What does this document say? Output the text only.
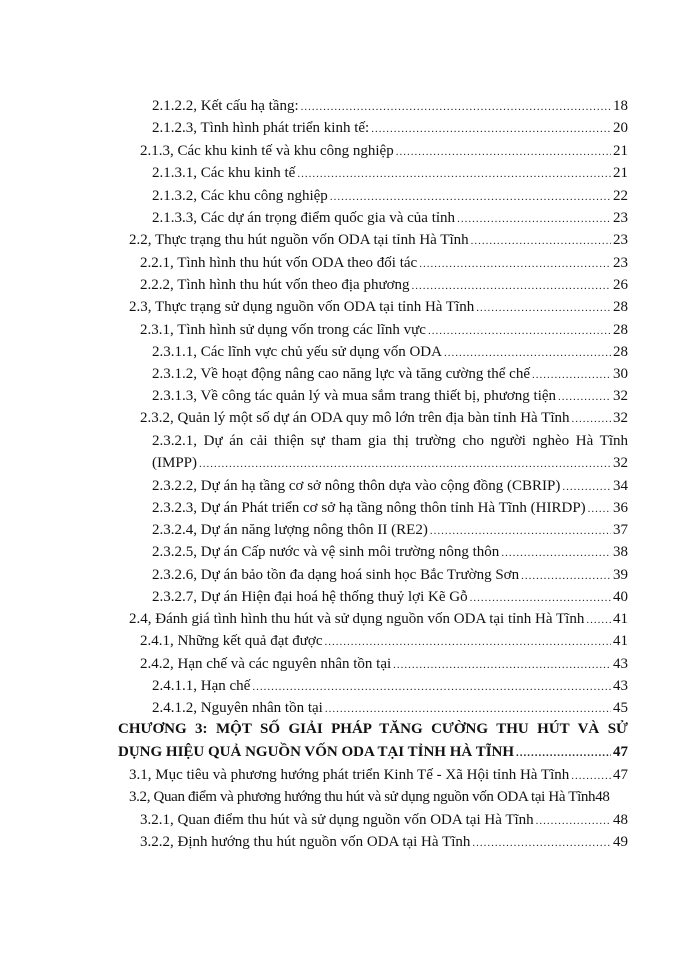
2.1.2.2, Kết cấu hạ tầng: .....	18
2.1.2.3, Tình hình phát triển kinh tế: .....	20
2.1.3, Các khu kinh tế và khu công nghiệp .....	21
2.1.3.1, Các khu kinh tế .....	21
2.1.3.2, Các khu công nghiệp .....	22
2.1.3.3, Các dự án trọng điểm quốc gia và của tỉnh .....	23
2.2, Thực trạng thu hút nguồn vốn ODA tại tỉnh Hà Tĩnh .....	23
2.2.1, Tình hình thu hút vốn ODA theo đối tác .....	23
2.2.2, Tình hình thu hút vốn theo địa phương .....	26
2.3, Thực trạng sử dụng nguồn vốn ODA tại tỉnh Hà Tĩnh .....	28
2.3.1, Tình hình sử dụng vốn trong các lĩnh vực .....	28
2.3.1.1, Các lĩnh vực chủ yếu sử dụng vốn ODA .....	28
2.3.1.2, Về hoạt động nâng cao năng lực và tăng cường thể chế .....	30
2.3.1.3, Về công tác quản lý và mua sắm trang thiết bị, phương tiện .....	32
2.3.2, Quản lý một số dự án ODA quy mô lớn trên địa bàn tỉnh Hà Tĩnh .....	32
2.3.2.1, Dự án cải thiện sự tham gia thị trường cho người nghèo Hà Tĩnh
(IMPP) .....	32
2.3.2.2, Dự án hạ tầng cơ sở nông thôn dựa vào cộng đồng (CBRIP) .....	34
2.3.2.3, Dự án Phát triển cơ sở hạ tầng nông thôn tỉnh Hà Tĩnh (HIRDP) ..... 36
2.3.2.4, Dự án năng lượng nông thôn II (RE2) .....	37
2.3.2.5, Dự án Cấp nước và vệ sinh môi trường nông thôn .....	38
2.3.2.6, Dự án bảo tồn đa dạng hoá sinh học Bắc Trường Sơn .....	39
2.3.2.7, Dự án Hiện đại hoá hệ thống thuỷ lợi Kẽ Gỗ .....	40
2.4, Đánh giá tình hình thu hút và sử dụng nguồn vốn ODA tại tỉnh Hà Tĩnh ..... 41
2.4.1, Những kết quả đạt được .....	41
2.4.2, Hạn chế và các nguyên nhân tồn tại .....	43
2.4.1.1, Hạn chế .....	43
2.4.1.2, Nguyên nhân tồn tại .....	45
CHƯƠNG 3: MỘT SỐ GIẢI PHÁP TĂNG CƯỜNG THU HÚT VÀ SỬ
DỤNG HIỆU QUẢ NGUỒN VỐN ODA TẠI TỈNH HÀ TĨNH .....	47
3.1, Mục tiêu và phương hướng phát triển Kinh Tế - Xã Hội tỉnh Hà Tĩnh .....	47
3.2, Quan điểm và phương hướng thu hút và sử dụng nguồn vốn ODA tại Hà Tĩnh 48
3.2.1, Quan điểm thu hút và sử dụng nguồn vốn ODA tại Hà Tĩnh .....	48
3.2.2, Định hướng thu hút nguồn vốn ODA tại Hà Tĩnh .....	49
